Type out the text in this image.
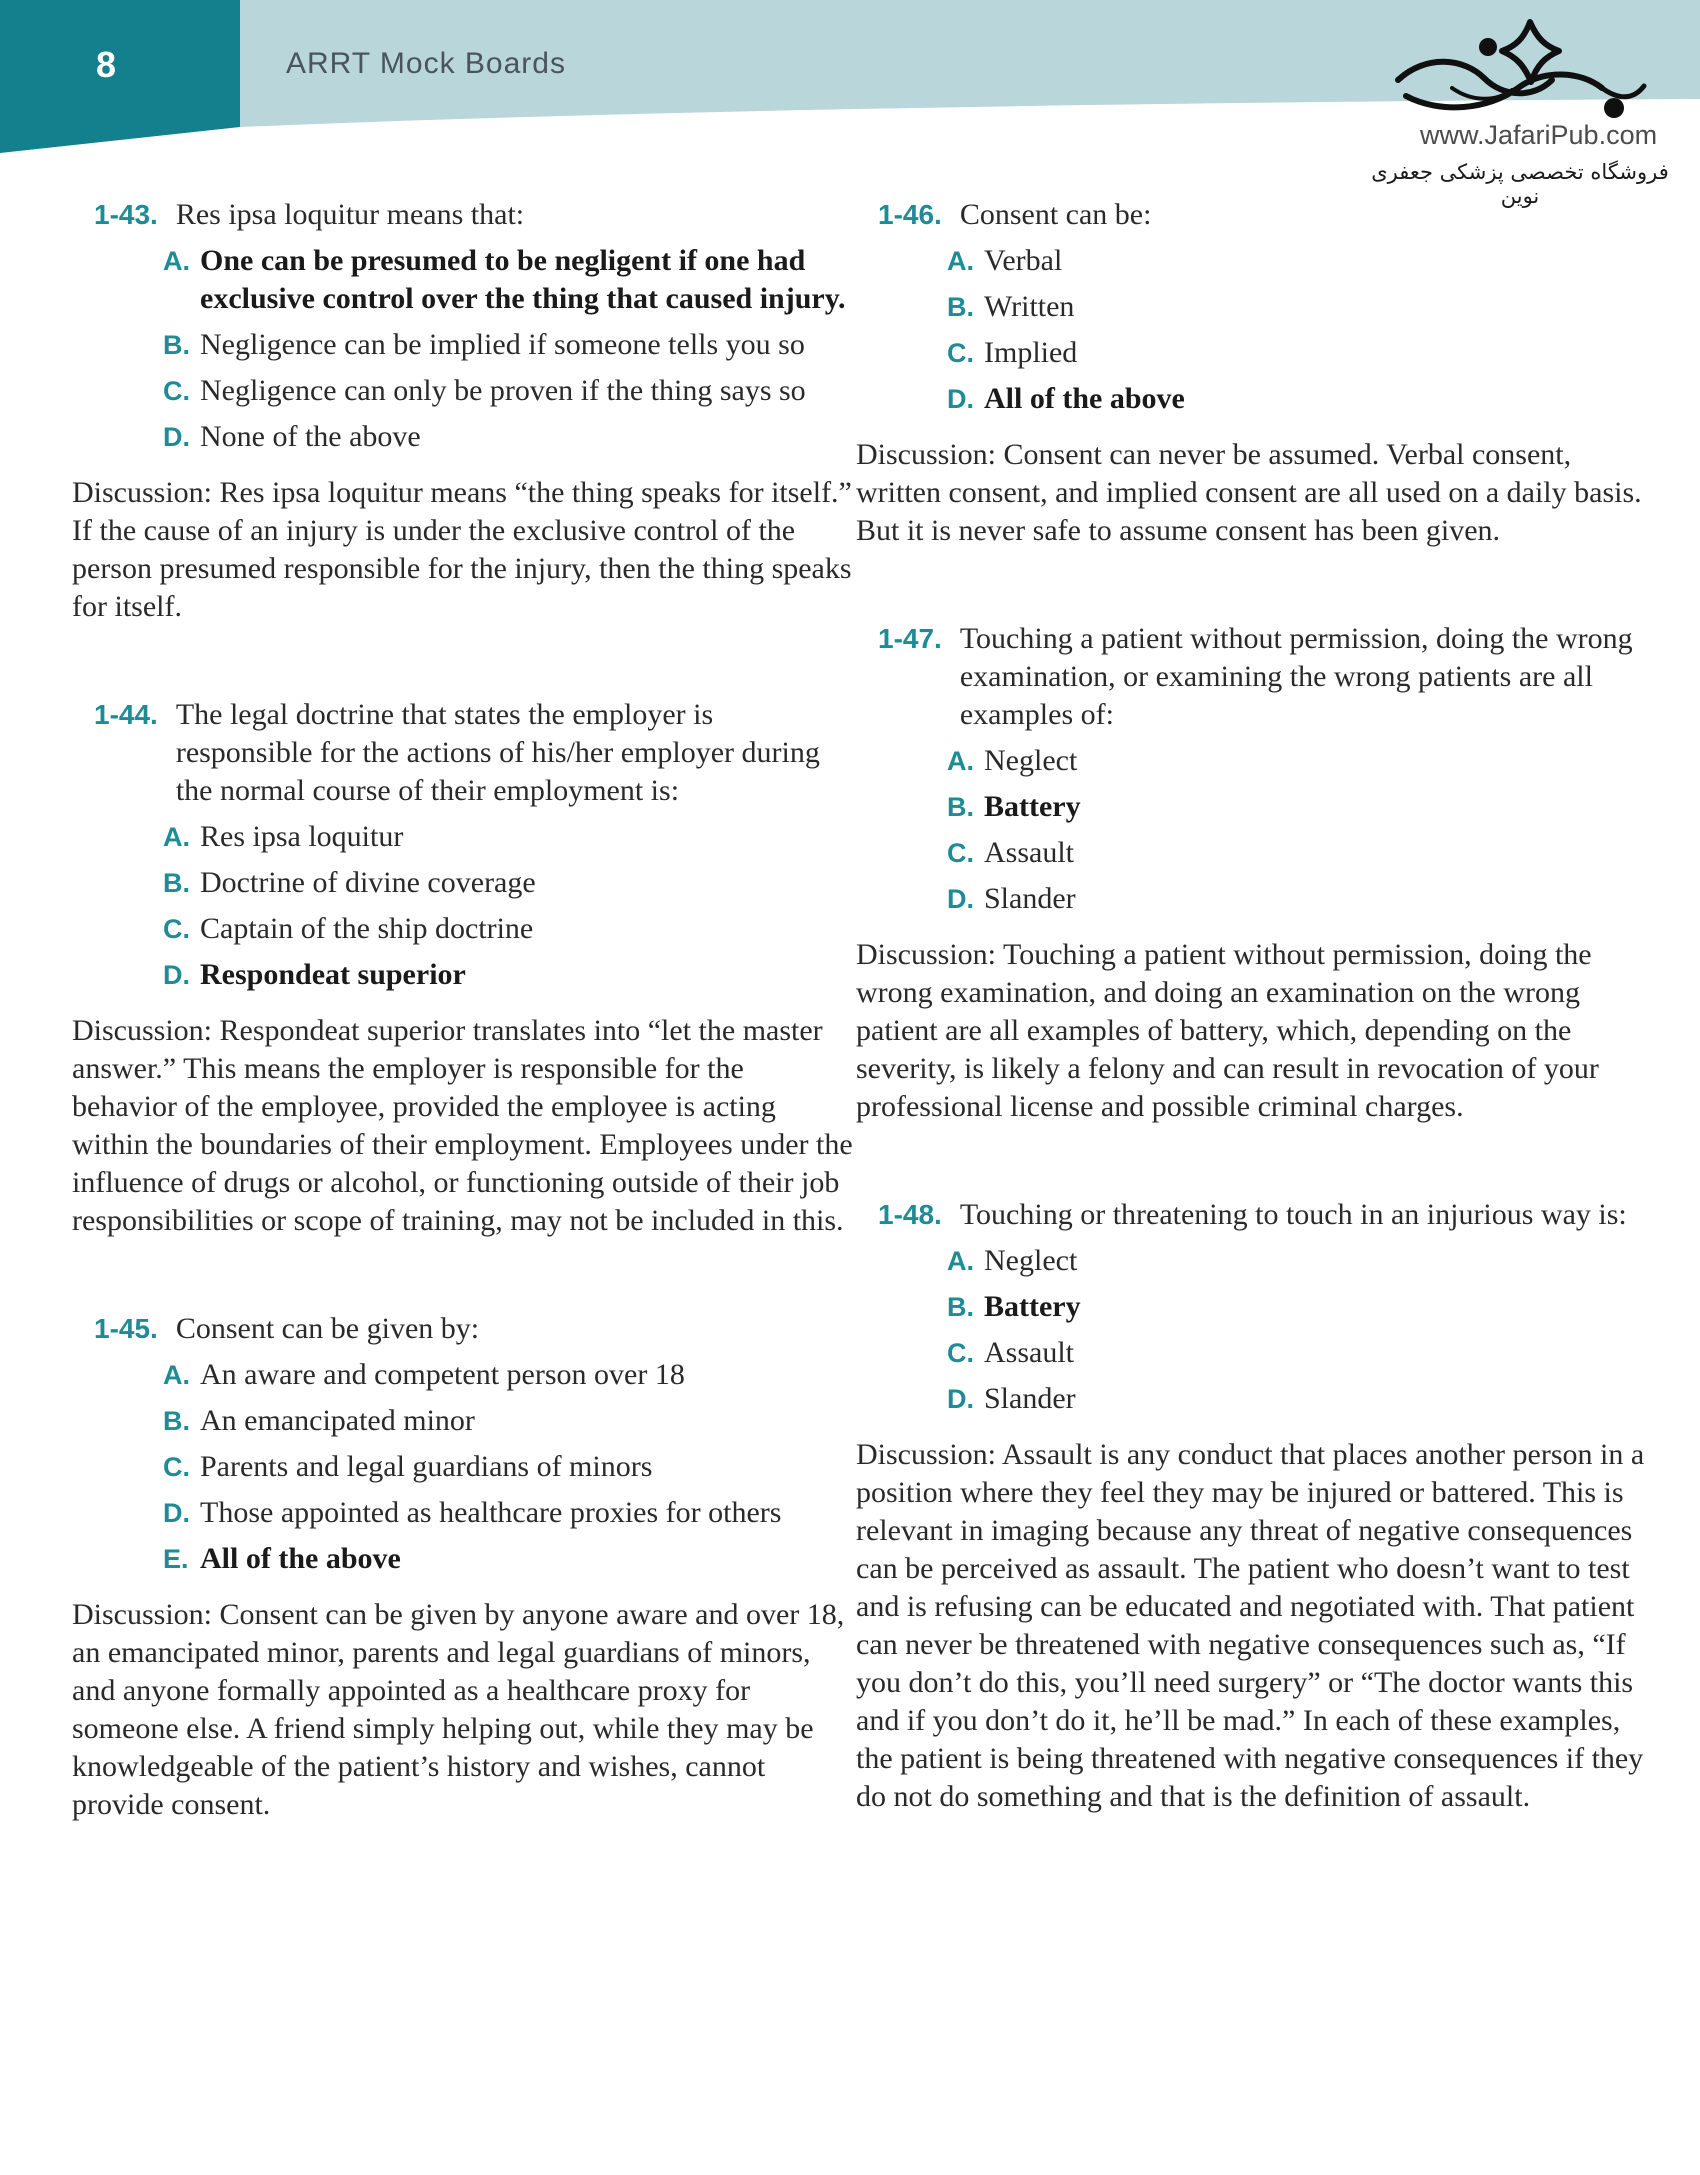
8	ARRT Mock Boards
www.JafariPub.com
فروشگاه تخصصی پزشکی جعفری نوین
1-43. Res ipsa loquitur means that:
A. One can be presumed to be negligent if one had exclusive control over the thing that caused injury.
B. Negligence can be implied if someone tells you so
C. Negligence can only be proven if the thing says so
D. None of the above

Discussion: Res ipsa loquitur means “the thing speaks for itself.” If the cause of an injury is under the exclusive control of the person presumed responsible for the injury, then the thing speaks for itself.

1-44. The legal doctrine that states the employer is responsible for the actions of his/her employer during the normal course of their employment is:
A. Res ipsa loquitur
B. Doctrine of divine coverage
C. Captain of the ship doctrine
D. Respondeat superior

Discussion: Respondeat superior translates into “let the master answer.” This means the employer is responsible for the behavior of the employee, provided the employee is acting within the boundaries of their employment. Employees under the influence of drugs or alcohol, or functioning outside of their job responsibilities or scope of training, may not be included in this.

1-45. Consent can be given by:
A. An aware and competent person over 18
B. An emancipated minor
C. Parents and legal guardians of minors
D. Those appointed as healthcare proxies for others
E. All of the above

Discussion: Consent can be given by anyone aware and over 18, an emancipated minor, parents and legal guardians of minors, and anyone formally appointed as a healthcare proxy for someone else. A friend simply helping out, while they may be knowledgeable of the patient’s history and wishes, cannot provide consent.

1-46. Consent can be:
A. Verbal
B. Written
C. Implied
D. All of the above

Discussion: Consent can never be assumed. Verbal consent, written consent, and implied consent are all used on a daily basis. But it is never safe to assume consent has been given.

1-47. Touching a patient without permission, doing the wrong examination, or examining the wrong patients are all examples of:
A. Neglect
B. Battery
C. Assault
D. Slander

Discussion: Touching a patient without permission, doing the wrong examination, and doing an examination on the wrong patient are all examples of battery, which, depending on the severity, is likely a felony and can result in revocation of your professional license and possible criminal charges.

1-48. Touching or threatening to touch in an injurious way is:
A. Neglect
B. Battery
C. Assault
D. Slander

Discussion: Assault is any conduct that places another person in a position where they feel they may be injured or battered. This is relevant in imaging because any threat of negative consequences can be perceived as assault. The patient who doesn’t want to test and is refusing can be educated and negotiated with. That patient can never be threatened with negative consequences such as, “If you don’t do this, you’ll need surgery” or “The doctor wants this and if you don’t do it, he’ll be mad.” In each of these examples, the patient is being threatened with negative consequences if they do not do something and that is the definition of assault.
